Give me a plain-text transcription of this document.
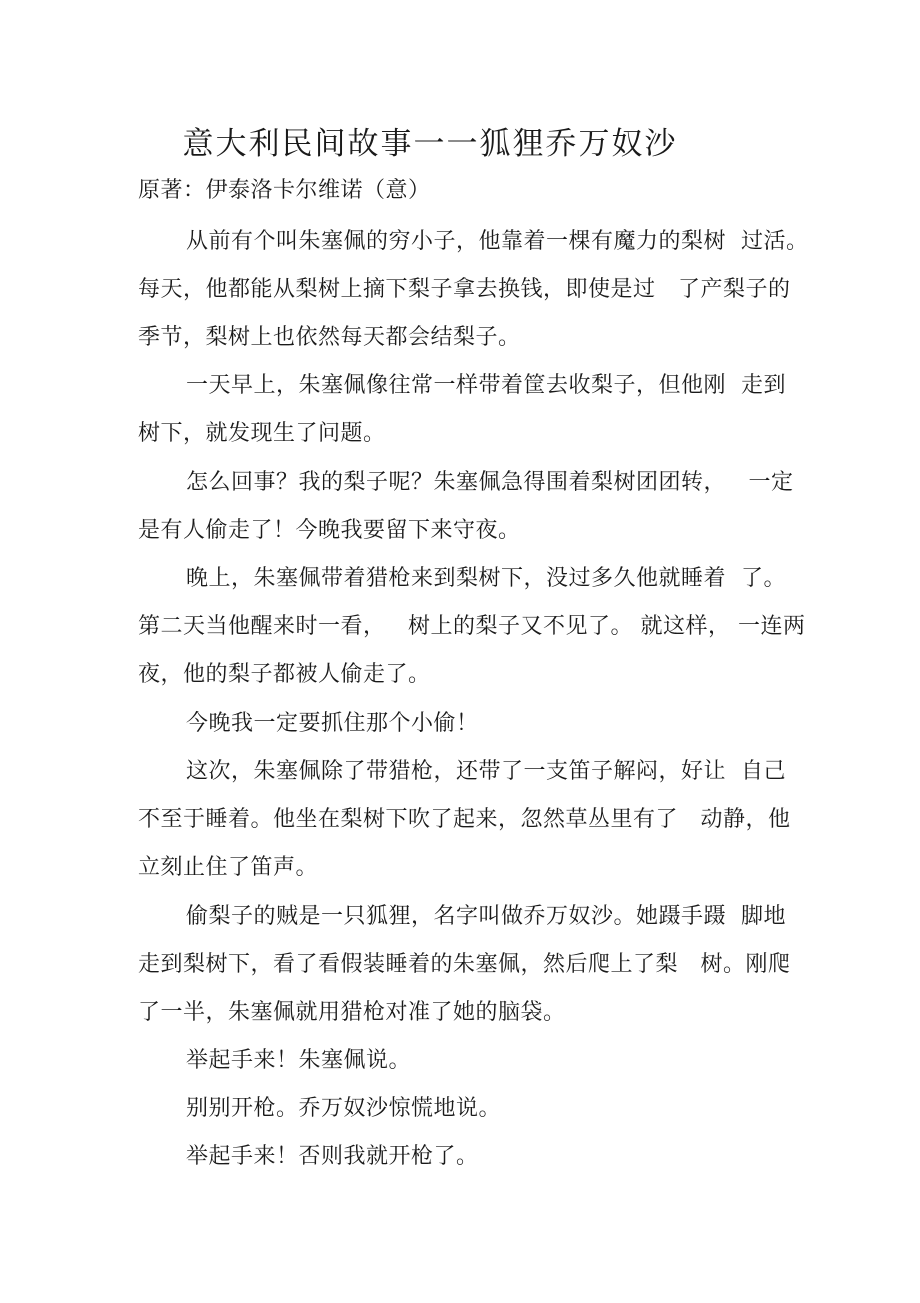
意大利民间故事一一狐狸乔万奴沙
原著：伊泰洛卡尔维诺（意）
从前有个叫朱塞佩的穷小子，他靠着一棵有魔力的梨树  过活。
每天，他都能从梨树上摘下梨子拿去换钱，即使是过   了产梨子的
季节，梨树上也依然每天都会结梨子。
一天早上，朱塞佩像往常一样带着筐去收梨子，但他刚  走到
树下，就发现生了问题。
怎么回事？我的梨子呢？朱塞佩急得围着梨树团团转，   一定
是有人偷走了！今晚我要留下来守夜。
晚上，朱塞佩带着猎枪来到梨树下，没过多久他就睡着  了。
第二天当他醒来时一看，   树上的梨子又不见了。 就这样， 一连两
夜，他的梨子都被人偷走了。
今晚我一定要抓住那个小偷！
这次，朱塞佩除了带猎枪，还带了一支笛子解闷，好让  自己
不至于睡着。他坐在梨树下吹了起来，忽然草丛里有了   动静，他
立刻止住了笛声。
偷梨子的贼是一只狐狸，名字叫做乔万奴沙。她蹑手蹑  脚地
走到梨树下，看了看假装睡着的朱塞佩，然后爬上了梨   树。刚爬
了一半，朱塞佩就用猎枪对准了她的脑袋。
举起手来！朱塞佩说。
别别开枪。乔万奴沙惊慌地说。
举起手来！否则我就开枪了。
